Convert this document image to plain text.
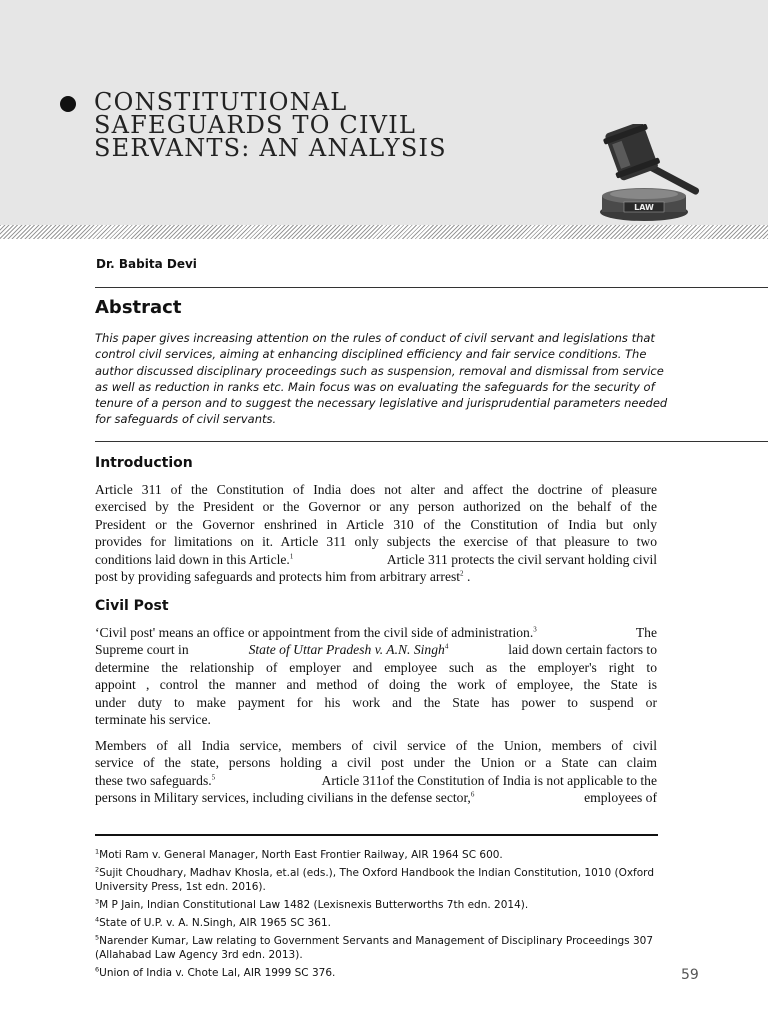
CONSTITUTIONAL
SAFEGUARDS TO CIVIL
SERVANTS: AN ANALYSIS
LAW
Dr. Babita Devi
Abstract

This paper gives increasing attention on the rules of conduct of civil servant and legislations that
control civil services, aiming at enhancing disciplined efficiency and fair service conditions. The
author discussed disciplinary proceedings such as suspension, removal and dismissal from service
as well as reduction in ranks etc. Main focus was on evaluating the safeguards for the security of
tenure of a person and to suggest the necessary legislative and jurisprudential parameters needed
for safeguards of civil servants.

Introduction

Article 311 of the Constitution of India does not alter and affect the doctrine of pleasure
exercised by the President or the Governor or any person authorized on the behalf of the
President or the Governor enshrined in Article 310 of the Constitution of India but only
provides for limitations on it. Article 311 only subjects the exercise of that pleasure to two
conditions laid down in this Article.$^1$	Article 311 protects the civil servant holding civil
post by providing safeguards and protects him from arbitrary arrest$^2$ .

Civil Post

‘Civil post' means an office or appointment from the civil side of administration.$^3$	The
Supreme court in	State of Uttar Pradesh v. A.N. Singh$^4$	laid down certain factors to
determine the relationship of employer and employee such as the employer's right to
appoint , control the manner and method of doing the work of employee, the State is
under duty to make payment for his work and the State has power to suspend or
terminate his service.

Members of all India service, members of civil service of the Union, members of civil
service of the state, persons holding a civil post under the Union or a State can claim
these two safeguards.$^5$	Article 311of the Constitution of India is not applicable to the
persons in Military services, including civilians in the defense sector,$^6$	employees of

$^1$Moti Ram v. General Manager, North East Frontier Railway, AIR 1964 SC 600.
$^2$Sujit Choudhary, Madhav Khosla, et.al (eds.), The Oxford Handbook the Indian Constitution, 1010 (Oxford University Press, 1st edn. 2016).
$^3$M P Jain, Indian Constitutional Law 1482 (Lexisnexis Butterworths 7th edn. 2014).
$^4$State of U.P. v. A. N.Singh, AIR 1965 SC 361.
$^5$Narender Kumar, Law relating to Government Servants and Management of Disciplinary Proceedings 307 (Allahabad Law Agency 3rd edn. 2013).
$^6$Union of India v. Chote Lal, AIR 1999 SC 376.	59
